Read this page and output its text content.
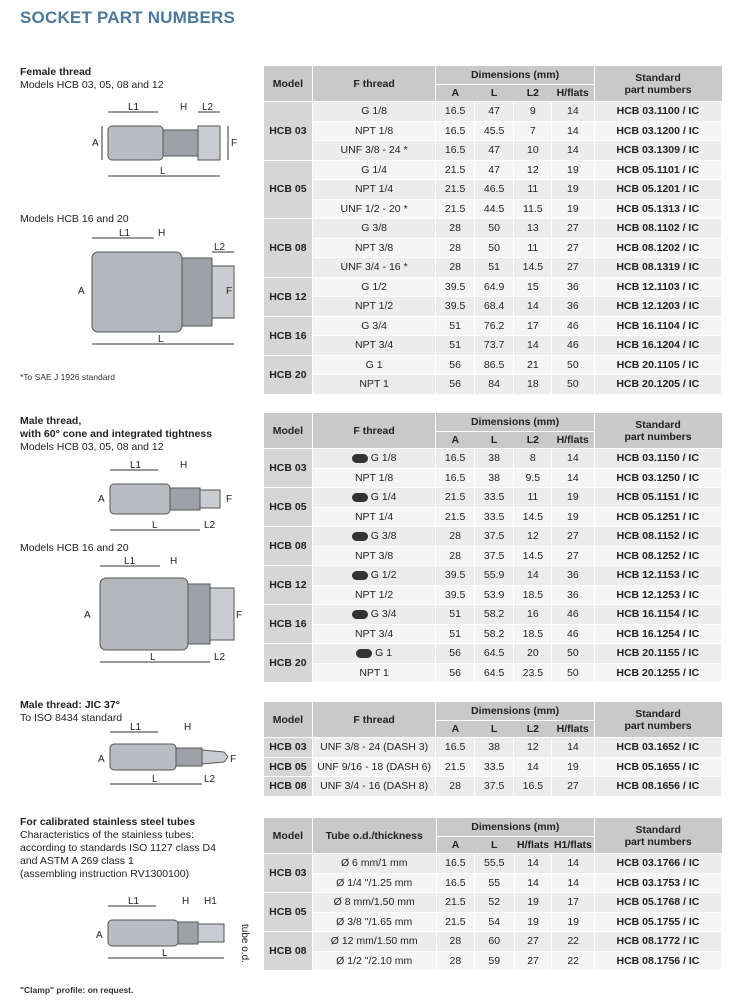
SOCKET PART NUMBERS
Female thread
Models HCB 03, 05, 08 and 12
Models HCB 16 and 20
*To SAE J 1926 standard
Male thread,
with 60° cone and integrated tightness
Models HCB 03, 05, 08 and 12
Models HCB 16 and 20
Male thread: JIC 37°
To ISO 8434 standard
For calibrated stainless steel tubes
Characteristics of the stainless tubes:
according to standards ISO 1127 class D4
and ASTM A 269 class 1
(assembling instruction RV1300100)
"Clamp" profile: on request.
L1	H L2
L
F
A
L1	H
L2
L
F
A
L1	H
L	L2
F
A
L1	H
L	L2
F
A
L1	H
L	L2
F
A
L1	H H1
L
A	tube o.d.
Model	F thread	Dimensions (mm)				Standard
part numbers

		A	L	L2	H/flats	
HCB 03	G 1/8	16.5	47	9	14	HCB 03.1100 / IC
	NPT 1/8	16.5	45.5	7	14	HCB 03.1200 / IC
	UNF 3/8 - 24 *	16.5	47	10	14	HCB 03.1309 / IC
HCB 05	G 1/4	21.5	47	12	19	HCB 05.1101 / IC
	NPT 1/4	21.5	46.5	11	19	HCB 05.1201 / IC
	UNF 1/2 - 20 *	21.5	44.5	11.5	19	HCB 05.1313 / IC
HCB 08	G 3/8	28	50	13	27	HCB 08.1102 / IC
	NPT 3/8	28	50	11	27	HCB 08.1202 / IC
	UNF 3/4 - 16 *	28	51	14.5	27	HCB 08.1319 / IC
HCB 12	G 1/2	39.5	64.9	15	36	HCB 12.1103 / IC
	NPT 1/2	39.5	68.4	14	36	HCB 12.1203 / IC
HCB 16	G 3/4	51	76.2	17	46	HCB 16.1104 / IC
	NPT 3/4	51	73.7	14	46	HCB 16.1204 / IC
HCB 20	G 1	56	86.5	21	50	HCB 20.1105 / IC
	NPT 1	56	84	18	50	HCB 20.1205 / IC
Model	F thread	Dimensions (mm)				Standard
part numbers

		A	L	L2	H/flats	
HCB 03	G 1/8	16.5	38	8	14	HCB 03.1150 / IC
	NPT 1/8	16.5	38	9.5	14	HCB 03.1250 / IC
HCB 05	G 1/4	21.5	33.5	11	19	HCB 05.1151 / IC
	NPT 1/4	21.5	33.5	14.5	19	HCB 05.1251 / IC
HCB 08	G 3/8	28	37.5	12	27	HCB 08.1152 / IC
	NPT 3/8	28	37.5	14.5	27	HCB 08.1252 / IC
HCB 12	G 1/2	39.5	55.9	14	36	HCB 12.1153 / IC
	NPT 1/2	39.5	53.9	18.5	36	HCB 12.1253 / IC
HCB 16	G 3/4	51	58.2	16	46	HCB 16.1154 / IC
	NPT 3/4	51	58.2	18.5	46	HCB 16.1254 / IC
HCB 20	G 1	56	64.5	20	50	HCB 20.1155 / IC
	NPT 1	56	64.5	23.5	50	HCB 20.1255 / IC
Model	F thread	Dimensions (mm)				Standard
part numbers

		A	L	L2	H/flats	
HCB 03	UNF 3/8 - 24 (DASH 3)	16.5	38	12	14	HCB 03.1652 / IC
HCB 05	UNF 9/16 - 18 (DASH 6)	21.5	33.5	14	19	HCB 05.1655 / IC
HCB 08	UNF 3/4 - 16 (DASH 8)	28	37.5	16.5	27	HCB 08.1656 / IC
Model	Tube o.d./thickness	Dimensions (mm)				Standard
part numbers

		A	L	H/flats	H1/flats	
HCB 03	Ø 6 mm/1 mm	16.5	55.5	14	14	HCB 03.1766 / IC
	Ø 1/4 "/1.25 mm	16.5	55	14	14	HCB 03.1753 / IC
HCB 05	Ø 8 mm/1.50 mm	21.5	52	19	17	HCB 05.1768 / IC
	Ø 3/8 "/1.65 mm	21.5	54	19	19	HCB 05.1755 / IC
HCB 08	Ø 12 mm/1.50 mm	28	60	27	22	HCB 08.1772 / IC
	Ø 1/2 "/2.10 mm	28	59	27	22	HCB 08.1756 / IC
